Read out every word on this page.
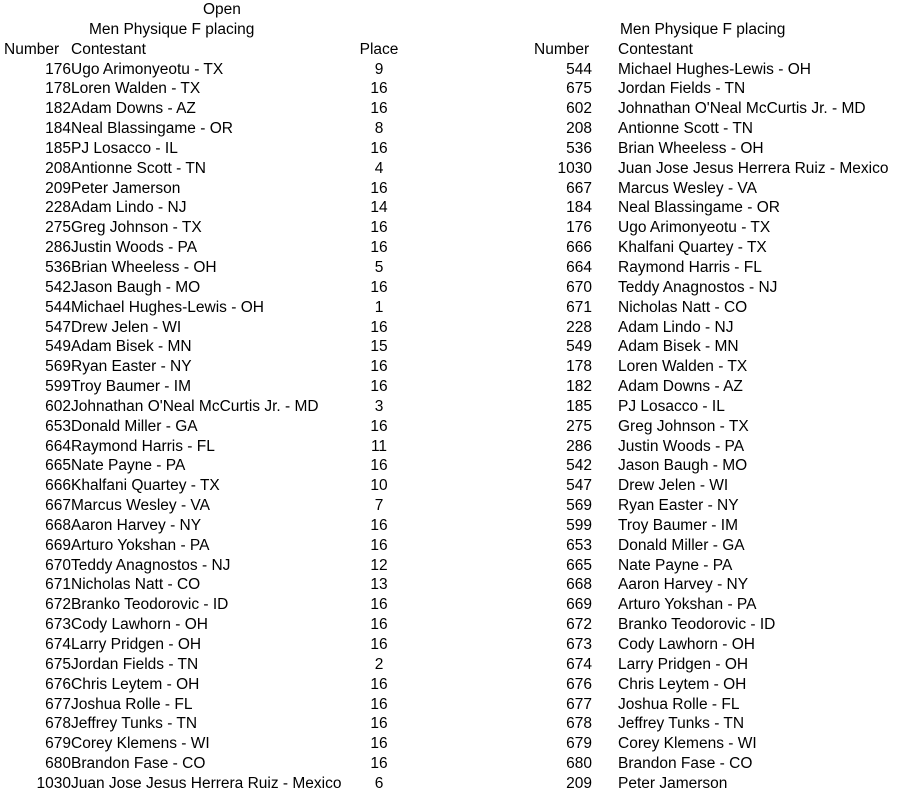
Open
Men Physique F placing
Number	Contestant	Place
176	Ugo Arimonyeotu - TX	9
178	Loren Walden - TX	16
182	Adam Downs - AZ	16
184	Neal Blassingame - OR	8
185	PJ Losacco - IL	16
208	Antionne Scott - TN	4
209	Peter Jamerson	16
228	Adam Lindo - NJ	14
275	Greg Johnson - TX	16
286	Justin Woods - PA	16
536	Brian Wheeless - OH	5
542	Jason Baugh - MO	16
544	Michael Hughes-Lewis - OH	1
547	Drew Jelen - WI	16
549	Adam Bisek - MN	15
569	Ryan Easter - NY	16
599	Troy Baumer - IM	16
602	Johnathan O'Neal McCurtis Jr. - MD	3
653	Donald Miller - GA	16
664	Raymond Harris - FL	11
665	Nate Payne - PA	16
666	Khalfani Quartey - TX	10
667	Marcus Wesley - VA	7
668	Aaron Harvey - NY	16
669	Arturo Yokshan - PA	16
670	Teddy Anagnostos - NJ	12
671	Nicholas Natt - CO	13
672	Branko Teodorovic - ID	16
673	Cody Lawhorn - OH	16
674	Larry Pridgen - OH	16
675	Jordan Fields - TN	2
676	Chris Leytem - OH	16
677	Joshua Rolle - FL	16
678	Jeffrey Tunks - TN	16
679	Corey Klemens - WI	16
680	Brandon Fase - CO	16
1030	Juan Jose Jesus Herrera Ruiz - Mexico	6
Men Physique F placing
Number	Contestant
544	Michael Hughes-Lewis - OH
675	Jordan Fields - TN
602	Johnathan O'Neal McCurtis Jr. - MD
208	Antionne Scott - TN
536	Brian Wheeless - OH
1030	Juan Jose Jesus Herrera Ruiz - Mexico
667	Marcus Wesley - VA
184	Neal Blassingame - OR
176	Ugo Arimonyeotu - TX
666	Khalfani Quartey - TX
664	Raymond Harris - FL
670	Teddy Anagnostos - NJ
671	Nicholas Natt - CO
228	Adam Lindo - NJ
549	Adam Bisek - MN
178	Loren Walden - TX
182	Adam Downs - AZ
185	PJ Losacco - IL
275	Greg Johnson - TX
286	Justin Woods - PA
542	Jason Baugh - MO
547	Drew Jelen - WI
569	Ryan Easter - NY
599	Troy Baumer - IM
653	Donald Miller - GA
665	Nate Payne - PA
668	Aaron Harvey - NY
669	Arturo Yokshan - PA
672	Branko Teodorovic - ID
673	Cody Lawhorn - OH
674	Larry Pridgen - OH
676	Chris Leytem - OH
677	Joshua Rolle - FL
678	Jeffrey Tunks - TN
679	Corey Klemens - WI
680	Brandon Fase - CO
209	Peter Jamerson
